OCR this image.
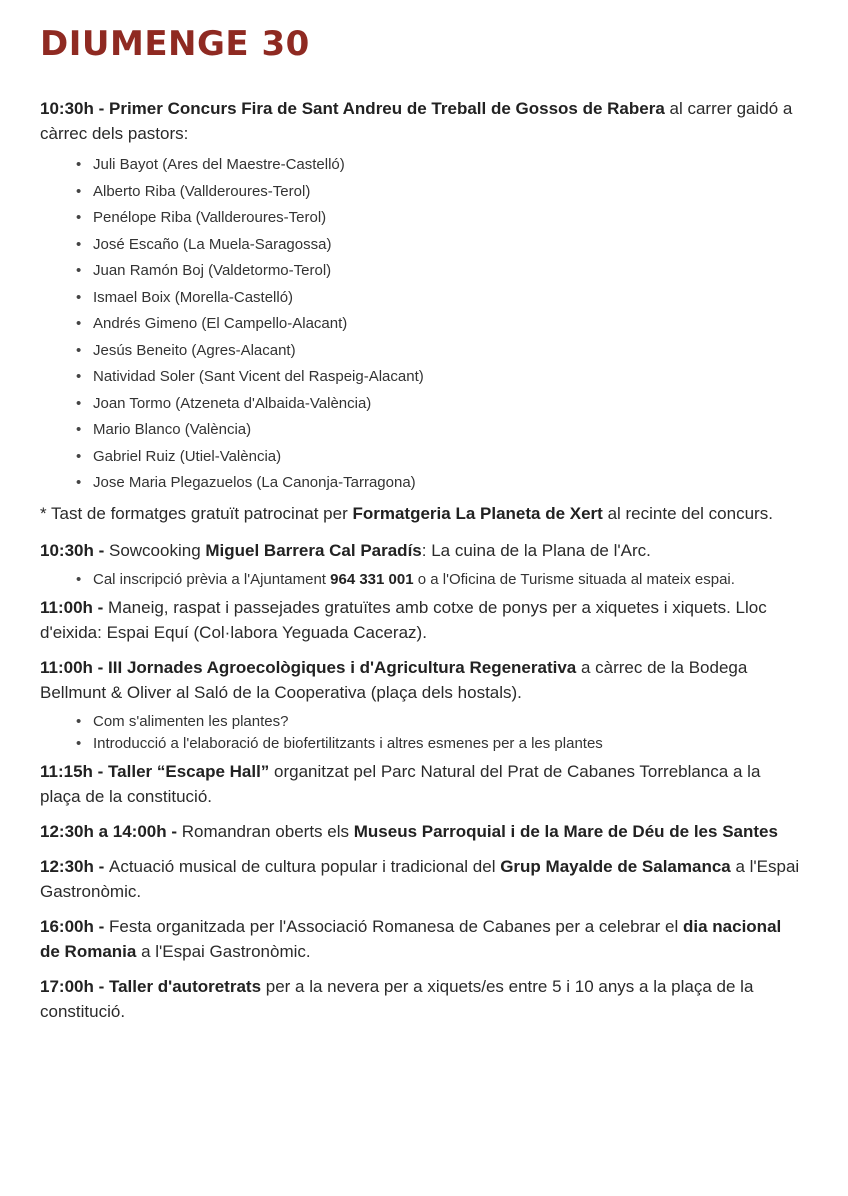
DIUMENGE 30

10:30h - Primer Concurs Fira de Sant Andreu de Treball de Gossos de Rabera al carrer gaidó a càrrec dels pastors:

• Juli Bayot (Ares del Maestre-Castelló)
• Alberto Riba (Vallderoures-Terol)
• Penélope Riba (Vallderoures-Terol)
• José Escaño (La Muela-Saragossa)
• Juan Ramón Boj (Valdetormo-Terol)
• Ismael Boix (Morella-Castelló)
• Andrés Gimeno (El Campello-Alacant)
• Jesús Beneito (Agres-Alacant)
• Natividad Soler (Sant Vicent del Raspeig-Alacant)
• Joan Tormo (Atzeneta d'Albaida-València)
• Mario Blanco (València)
• Gabriel Ruiz (Utiel-València)
• Jose Maria Plegazuelos (La Canonja-Tarragona)

* Tast de formatges gratuït patrocinat per Formatgeria La Planeta de Xert al recinte del concurs.

10:30h - Sowcooking Miguel Barrera Cal Paradís: La cuina de la Plana de l'Arc.

• Cal inscripció prèvia a l'Ajuntament 964 331 001 o a l'Oficina de Turisme situada al mateix espai.

11:00h - Maneig, raspat i passejades gratuïtes amb cotxe de ponys per a xiquetes i xiquets. Lloc d'eixida: Espai Equí (Col·labora Yeguada Caceraz).

11:00h - III Jornades Agroecològiques i d'Agricultura Regenerativa a càrrec de la Bodega Bellmunt & Oliver al Saló de la Cooperativa (plaça dels hostals).

• Com s'alimenten les plantes?
• Introducció a l'elaboració de biofertilitzants i altres esmenes per a les plantes

11:15h - Taller “Escape Hall” organitzat pel Parc Natural del Prat de Cabanes Torreblanca a la plaça de la constitució.

12:30h a 14:00h - Romandran oberts els Museus Parroquial i de la Mare de Déu de les Santes

12:30h - Actuació musical de cultura popular i tradicional del Grup Mayalde de Salamanca a l'Espai Gastronòmic.

16:00h - Festa organitzada per l'Associació Romanesa de Cabanes per a celebrar el dia nacional de Romania a l'Espai Gastronòmic.

17:00h - Taller d'autoretrats per a la nevera per a xiquets/es entre 5 i 10 anys a la plaça de la constitució.
